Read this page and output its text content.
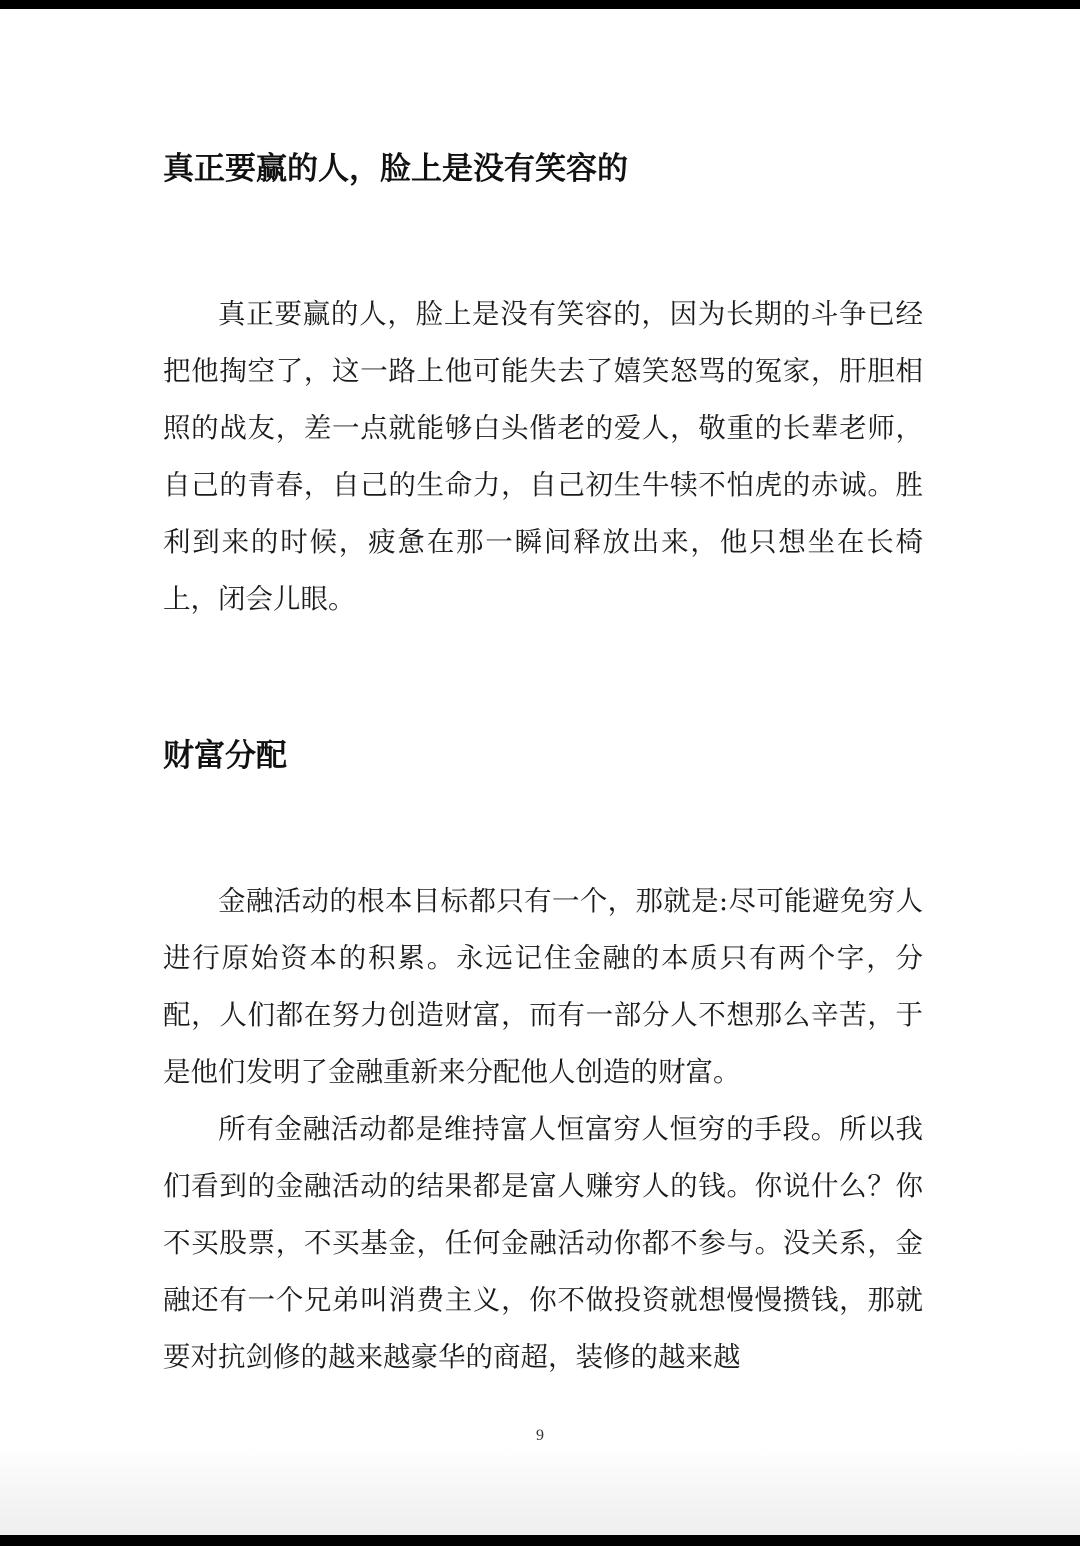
真正要赢的人，脸上是没有笑容的

真正要赢的人，脸上是没有笑容的，因为长期的斗争已经把他掏空了，这一路上他可能失去了嬉笑怒骂的冤家，肝胆相照的战友，差一点就能够白头偕老的爱人，敬重的长辈老师，自己的青春，自己的生命力，自己初生牛犊不怕虎的赤诚。胜利到来的时候，疲惫在那一瞬间释放出来，他只想坐在长椅上，闭会儿眼。

财富分配

金融活动的根本目标都只有一个，那就是:尽可能避免穷人进行原始资本的积累。永远记住金融的本质只有两个字，分配，人们都在努力创造财富，而有一部分人不想那么辛苦，于是他们发明了金融重新来分配他人创造的财富。

所有金融活动都是维持富人恒富穷人恒穷的手段。所以我们看到的金融活动的结果都是富人赚穷人的钱。你说什么？你不买股票，不买基金，任何金融活动你都不参与。没关系，金融还有一个兄弟叫消费主义，你不做投资就想慢慢攒钱，那就要对抗剑修的越来越豪华的商超，装修的越来越

9
